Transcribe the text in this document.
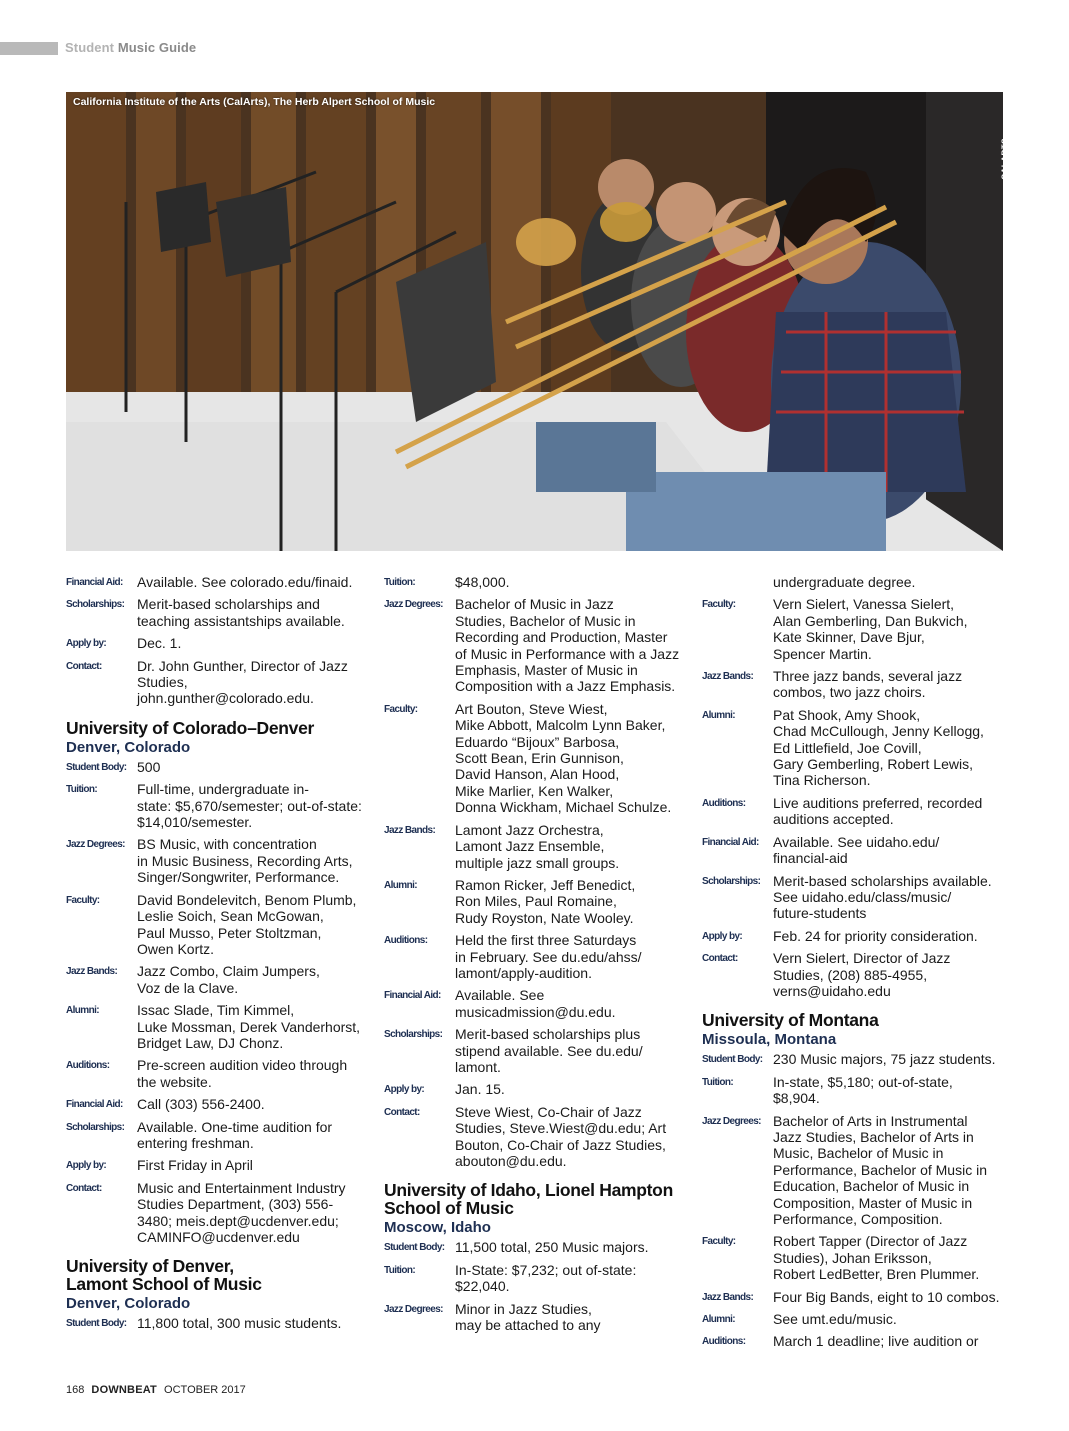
Student Music Guide
California Institute of the Arts (CalArts), The Herb Alpert School of Music
CALARTS
Financial Aid:	Available. See colorado.edu/finaid.
Scholarships: Merit-based scholarships and
teaching assistantships available.
Apply by:	Dec. 1.
Contact:	Dr. John Gunther, Director of Jazz
Studies,
john.gunther@colorado.edu.
University of Colorado–Denver
Denver, Colorado
Student Body: 500
Tuition:	Full-time, undergraduate in-
state: $5,670/semester; out-of-state:
$14,010/semester.
Jazz Degrees: BS Music, with concentration
in Music Business, Recording Arts,
Singer/Songwriter, Performance.
Faculty:	David Bondelevitch, Benom Plumb,
Leslie Soich, Sean McGowan,
Paul Musso, Peter Stoltzman,
Owen Kortz.
Jazz Bands:	Jazz Combo, Claim Jumpers,
Voz de la Clave.
Alumni:	Issac Slade, Tim Kimmel,
Luke Mossman, Derek Vanderhorst,
Bridget Law, DJ Chonz.
Auditions:	Pre-screen audition video through
the website.
Financial Aid:	Call (303) 556-2400.
Scholarships: Available. One-time audition for
entering freshman.
Apply by:	First Friday in April
Contact:	Music and Entertainment Industry
Studies Department, (303) 556-
3480; meis.dept@ucdenver.edu;
CAMINFO@ucdenver.edu
University of Denver,
Lamont School of Music
Denver, Colorado
Student Body: 11,800 total, 300 music students.
Tuition:	$48,000.
Jazz Degrees: Bachelor of Music in Jazz
Studies, Bachelor of Music in
Recording and Production, Master
of Music in Performance with a Jazz
Emphasis, Master of Music in
Composition with a Jazz Emphasis.
Faculty:	Art Bouton, Steve Wiest,
Mike Abbott, Malcolm Lynn Baker,
Eduardo “Bijoux” Barbosa,
Scott Bean, Erin Gunnison,
David Hanson, Alan Hood,
Mike Marlier, Ken Walker,
Donna Wickham, Michael Schulze.
Jazz Bands:	Lamont Jazz Orchestra,
Lamont Jazz Ensemble,
multiple jazz small groups.
Alumni:	Ramon Ricker, Jeff Benedict,
Ron Miles, Paul Romaine,
Rudy Royston, Nate Wooley.
Auditions:	Held the first three Saturdays
in February. See du.edu/ahss/
lamont/apply-audition.
Financial Aid:	Available. See
musicadmission@du.edu.
Scholarships: Merit-based scholarships plus
stipend available. See du.edu/
lamont.
Apply by:	Jan. 15.
Contact:	Steve Wiest, Co-Chair of Jazz
Studies, Steve.Wiest@du.edu; Art
Bouton, Co-Chair of Jazz Studies,
abouton@du.edu.
University of Idaho, Lionel Hampton
School of Music
Moscow, Idaho
Student Body: 11,500 total, 250 Music majors.
Tuition:	In-State: $7,232; out of-state:
$22,040.
Jazz Degrees: Minor in Jazz Studies,
may be attached to any
undergraduate degree.
Faculty:	Vern Sielert, Vanessa Sielert,
Alan Gemberling, Dan Bukvich,
Kate Skinner, Dave Bjur,
Spencer Martin.
Jazz Bands:	Three jazz bands, several jazz
combos, two jazz choirs.
Alumni:	Pat Shook, Amy Shook,
Chad McCullough, Jenny Kellogg,
Ed Littlefield, Joe Covill,
Gary Gemberling, Robert Lewis,
Tina Richerson.
Auditions:	Live auditions preferred, recorded
auditions accepted.
Financial Aid:	Available. See uidaho.edu/
financial-aid
Scholarships: Merit-based scholarships available.
See uidaho.edu/class/music/
future-students
Apply by:	Feb. 24 for priority consideration.
Contact:	Vern Sielert, Director of Jazz
Studies, (208) 885-4955,
verns@uidaho.edu
University of Montana
Missoula, Montana
Student Body: 230 Music majors, 75 jazz students.
Tuition:	In-state, $5,180; out-of-state,
$8,904.
Jazz Degrees: Bachelor of Arts in Instrumental
Jazz Studies, Bachelor of Arts in
Music, Bachelor of Music in
Performance, Bachelor of Music in
Education, Bachelor of Music in
Composition, Master of Music in
Performance, Composition.
Faculty:	Robert Tapper (Director of Jazz
Studies), Johan Eriksson,
Robert LedBetter, Bren Plummer.
Jazz Bands:	Four Big Bands, eight to 10 combos.
Alumni:	See umt.edu/music.
Auditions:	March 1 deadline; live audition or
168 DOWNBEAT OCTOBER 2017
